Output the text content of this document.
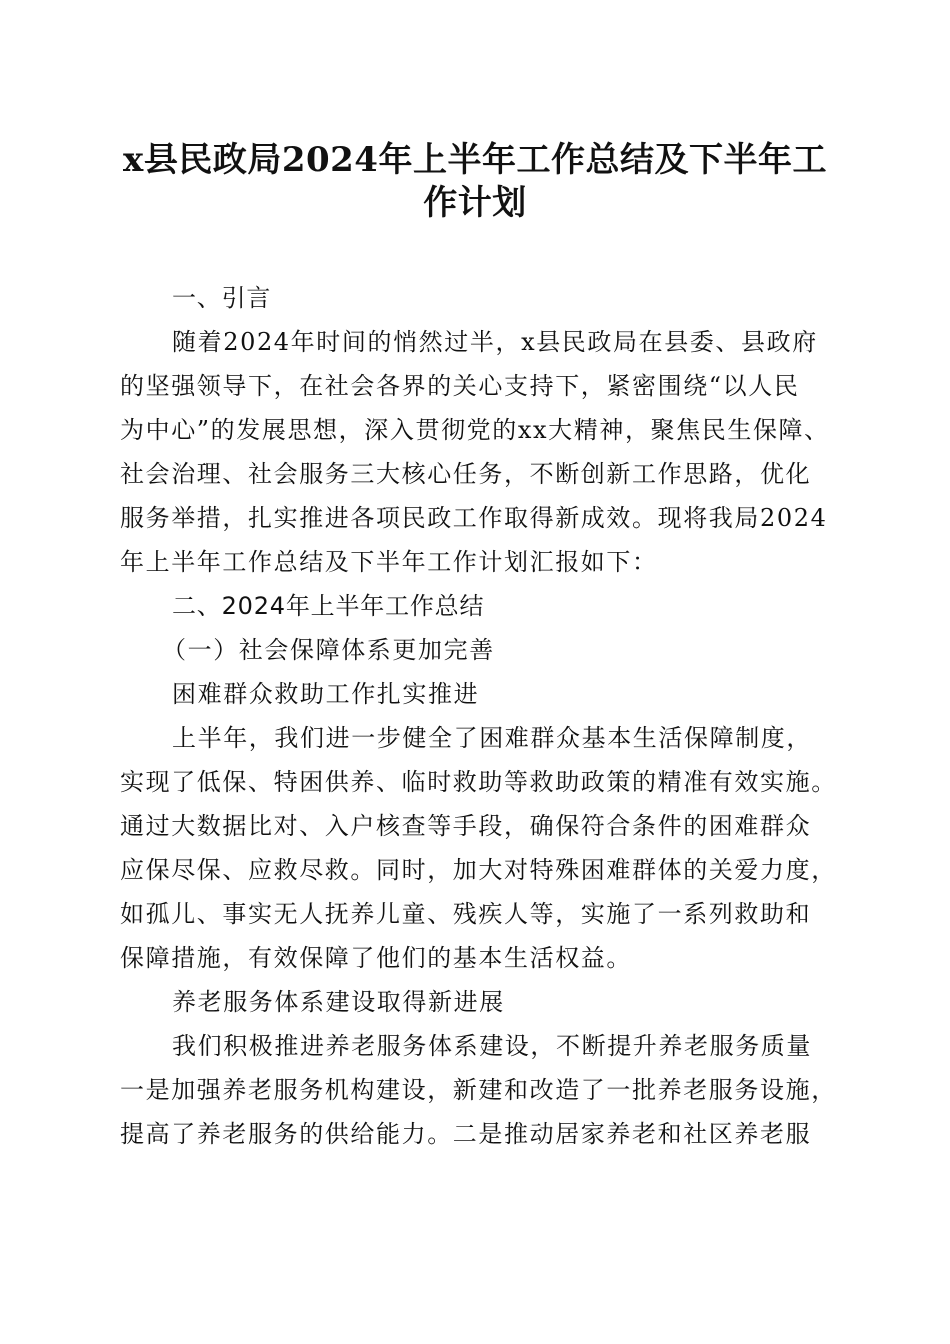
x县民政局2024年上半年工作总结及下半年工
作计划

一、引言

随着2024年时间的悄然过半，x县民政局在县委、县政府

的坚强领导下，在社会各界的关心支持下，紧密围绕“以人民

为中心”的发展思想，深入贯彻党的xx大精神，聚焦民生保障、

社会治理、社会服务三大核心任务，不断创新工作思路，优化

服务举措，扎实推进各项民政工作取得新成效。现将我局2024

年上半年工作总结及下半年工作计划汇报如下：

二、2024年上半年工作总结

（一）社会保障体系更加完善

困难群众救助工作扎实推进

上半年，我们进一步健全了困难群众基本生活保障制度，

实现了低保、特困供养、临时救助等救助政策的精准有效实施。

通过大数据比对、入户核查等手段，确保符合条件的困难群众

应保尽保、应救尽救。同时，加大对特殊困难群体的关爱力度，

如孤儿、事实无人抚养儿童、残疾人等，实施了一系列救助和

保障措施，有效保障了他们的基本生活权益。

养老服务体系建设取得新进展

我们积极推进养老服务体系建设，不断提升养老服务质量

一是加强养老服务机构建设，新建和改造了一批养老服务设施，

提高了养老服务的供给能力。二是推动居家养老和社区养老服
